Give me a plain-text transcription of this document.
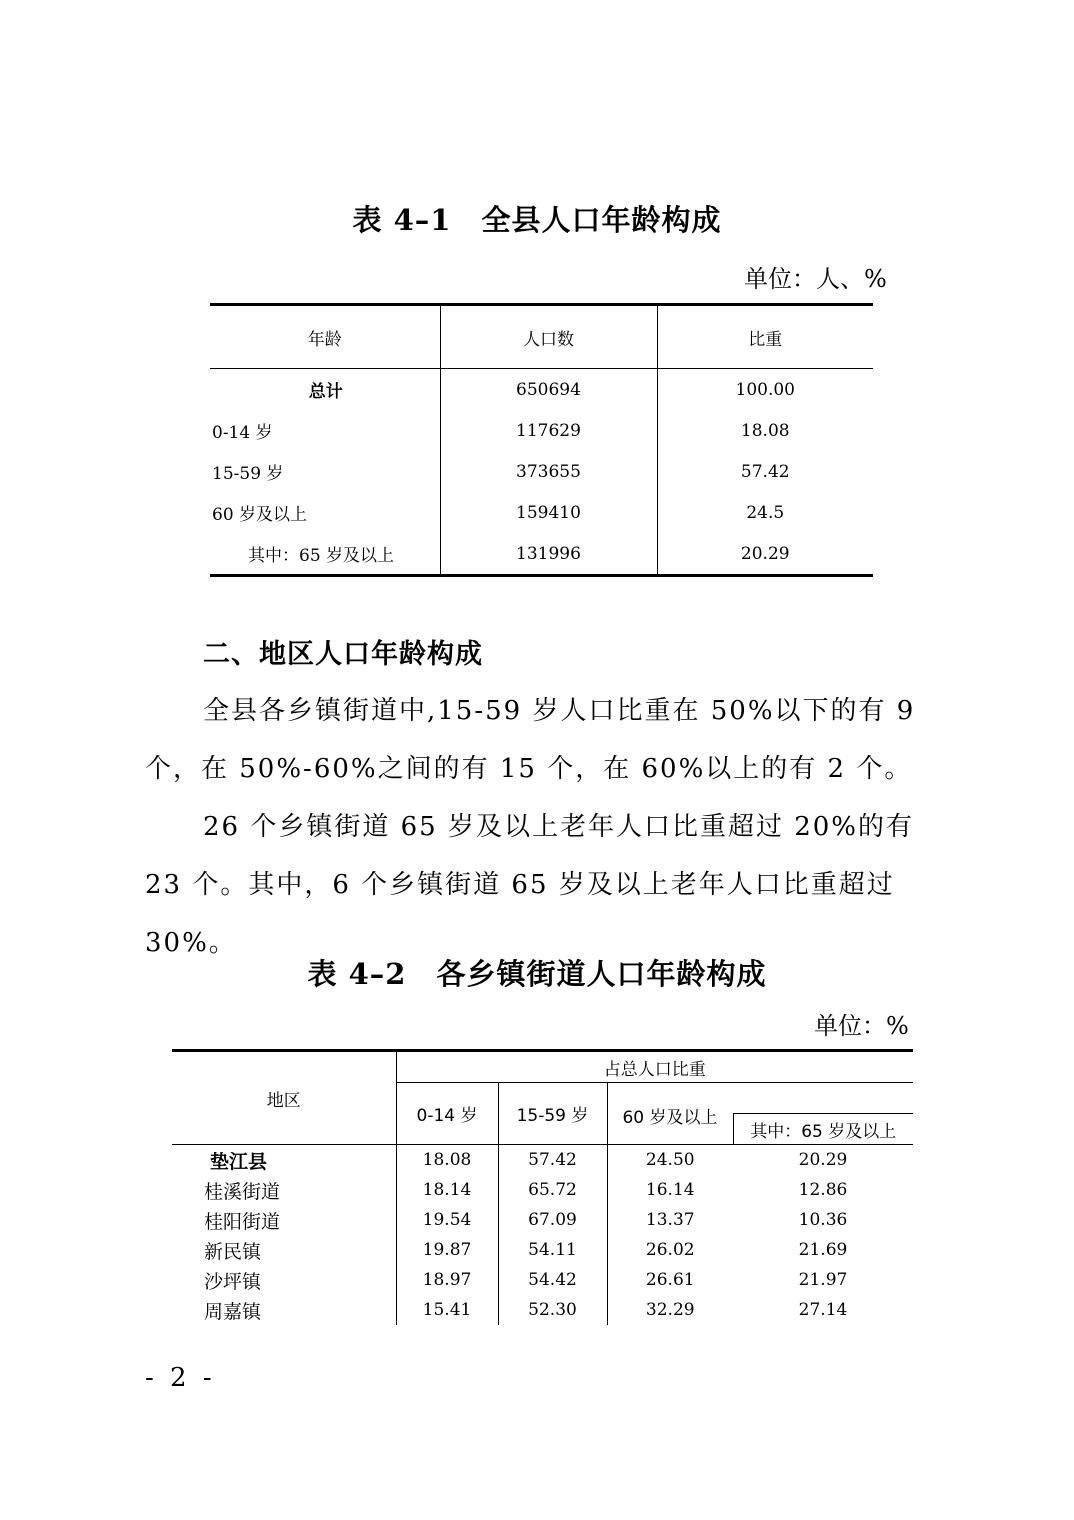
表 4–1　全县人口年龄构成
单位：人、%
年龄	人口数	比重
总计	650694	100.00
0-14 岁	117629	18.08
15-59 岁	373655	57.42
60 岁及以上	159410	24.5
其中：65 岁及以上	131996	20.29
二、地区人口年龄构成

全县各乡镇街道中,15-59 岁人口比重在 50%以下的有 9 个，在 50%-60%之间的有 15 个，在 60%以上的有 2 个。

26 个乡镇街道 65 岁及以上老年人口比重超过 20%的有 23 个。其中，6 个乡镇街道 65 岁及以上老年人口比重超过 30%。

表 4–2　各乡镇街道人口年龄构成
单位：%
地区	占总人口比重			
	0-14 岁	15-59 岁	60 岁及以上	
				其中：65 岁及以上
垫江县	18.08	57.42	24.50	20.29
桂溪街道	18.14	65.72	16.14	12.86
桂阳街道	19.54	67.09	13.37	10.36
新民镇	19.87	54.11	26.02	21.69
沙坪镇	18.97	54.42	26.61	21.97
周嘉镇	15.41	52.30	32.29	27.14
- 2 -
